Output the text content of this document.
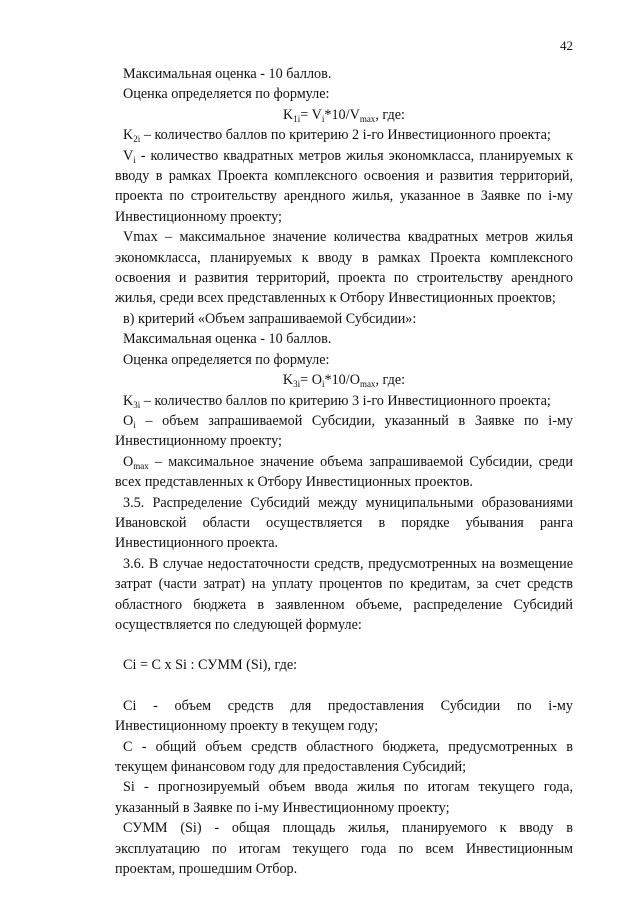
42

Максимальная оценка - 10 баллов.

Оценка определяется по формуле:

$K_{1i}= V_i*10/V_{max}$, где:

$K_{2i}$ – количество баллов по критерию 2 i-го Инвестиционного проекта;

$V_i$ - количество квадратных метров жилья экономкласса, планируемых к вводу в рамках Проекта комплексного освоения и развития территорий, проекта по строительству арендного жилья, указанное в Заявке по i-му Инвестиционному проекту;

Vmax – максимальное значение количества квадратных метров жилья экономкласса, планируемых к вводу в рамках Проекта комплексного освоения и развития территорий, проекта по строительству арендного жилья, среди всех представленных к Отбору Инвестиционных проектов;

в) критерий «Объем запрашиваемой Субсидии»:

Максимальная оценка - 10 баллов.

Оценка определяется по формуле:

$K_{3i}= O_i*10/O_{max}$, где:

$K_{3i}$ – количество баллов по критерию 3 i-го Инвестиционного проекта;

$O_i$ – объем запрашиваемой Субсидии, указанный в Заявке по i-му Инвестиционному проекту;

$O_{max}$ – максимальное значение объема запрашиваемой Субсидии, среди всех представленных к Отбору Инвестиционных проектов.

3.5. Распределение Субсидий между муниципальными образованиями Ивановской области осуществляется в порядке убывания ранга Инвестиционного проекта.

3.6. В случае недостаточности средств, предусмотренных на возмещение затрат (части затрат) на уплату процентов по кредитам, за счет средств областного бюджета в заявленном объеме, распределение Субсидий осуществляется по следующей формуле:

Ci = C x Si : СУММ (Si), где:

Ci - объем средств для предоставления Субсидии по i-му Инвестиционному проекту в текущем году;

C - общий объем средств областного бюджета, предусмотренных в текущем финансовом году для предоставления Субсидий;

Si - прогнозируемый объем ввода жилья по итогам текущего года, указанный в Заявке по i-му Инвестиционному проекту;

СУММ (Si) - общая площадь жилья, планируемого к вводу в эксплуатацию по итогам текущего года по всем Инвестиционным проектам, прошедшим Отбор.
